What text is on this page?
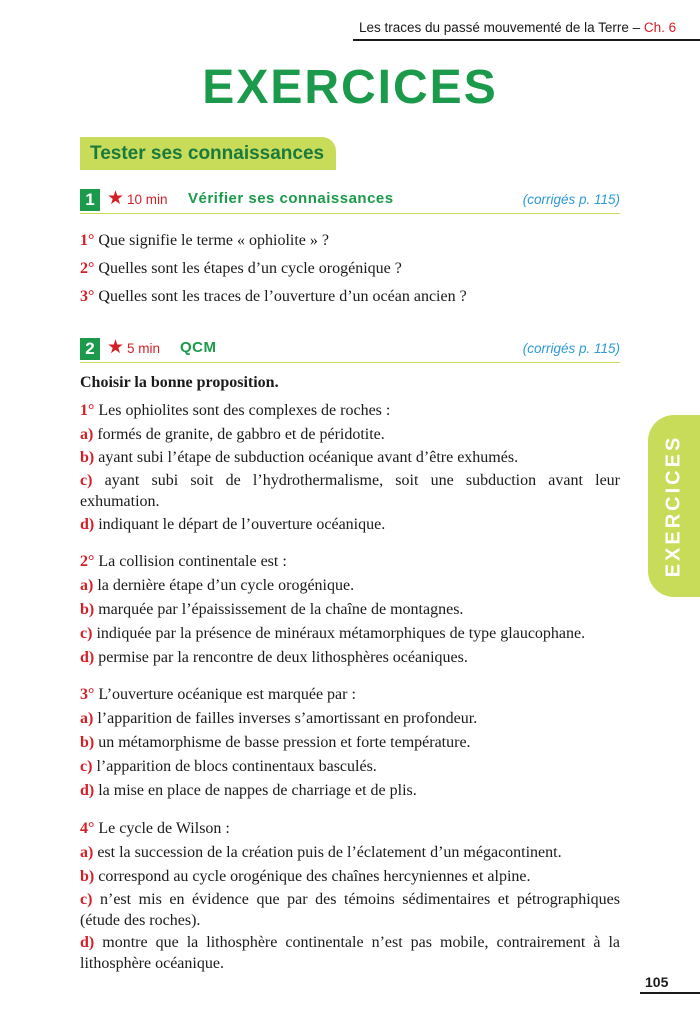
Les traces du passé mouvementé de la Terre – Ch. 6
EXERCICES
Tester ses connaissances
1 ★ 10 min Vérifier ses connaissances	(corrigés p. 115)
1° Que signifie le terme « ophiolite » ?
2° Quelles sont les étapes d’un cycle orogénique ?
3° Quelles sont les traces de l’ouverture d’un océan ancien ?
2 ★ 5 min QCM	(corrigés p. 115)
Choisir la bonne proposition.
1° Les ophiolites sont des complexes de roches :
a) formés de granite, de gabbro et de péridotite.
b) ayant subi l’étape de subduction océanique avant d’être exhumés.
c) ayant subi soit de l’hydrothermalisme, soit une subduction avant leur exhumation.
d) indiquant le départ de l’ouverture océanique.
2° La collision continentale est :
a) la dernière étape d’un cycle orogénique.
b) marquée par l’épaississement de la chaîne de montagnes.
c) indiquée par la présence de minéraux métamorphiques de type glaucophane.
d) permise par la rencontre de deux lithosphères océaniques.
3° L’ouverture océanique est marquée par :
a) l’apparition de failles inverses s’amortissant en profondeur.
b) un métamorphisme de basse pression et forte température.
c) l’apparition de blocs continentaux basculés.
d) la mise en place de nappes de charriage et de plis.
4° Le cycle de Wilson :
a) est la succession de la création puis de l’éclatement d’un mégacontinent.
b) correspond au cycle orogénique des chaînes hercyniennes et alpine.
c) n’est mis en évidence que par des témoins sédimentaires et pétrographiques (étude des roches).
d) montre que la lithosphère continentale n’est pas mobile, contrairement à la lithosphère océanique.
EXERCICES
105
